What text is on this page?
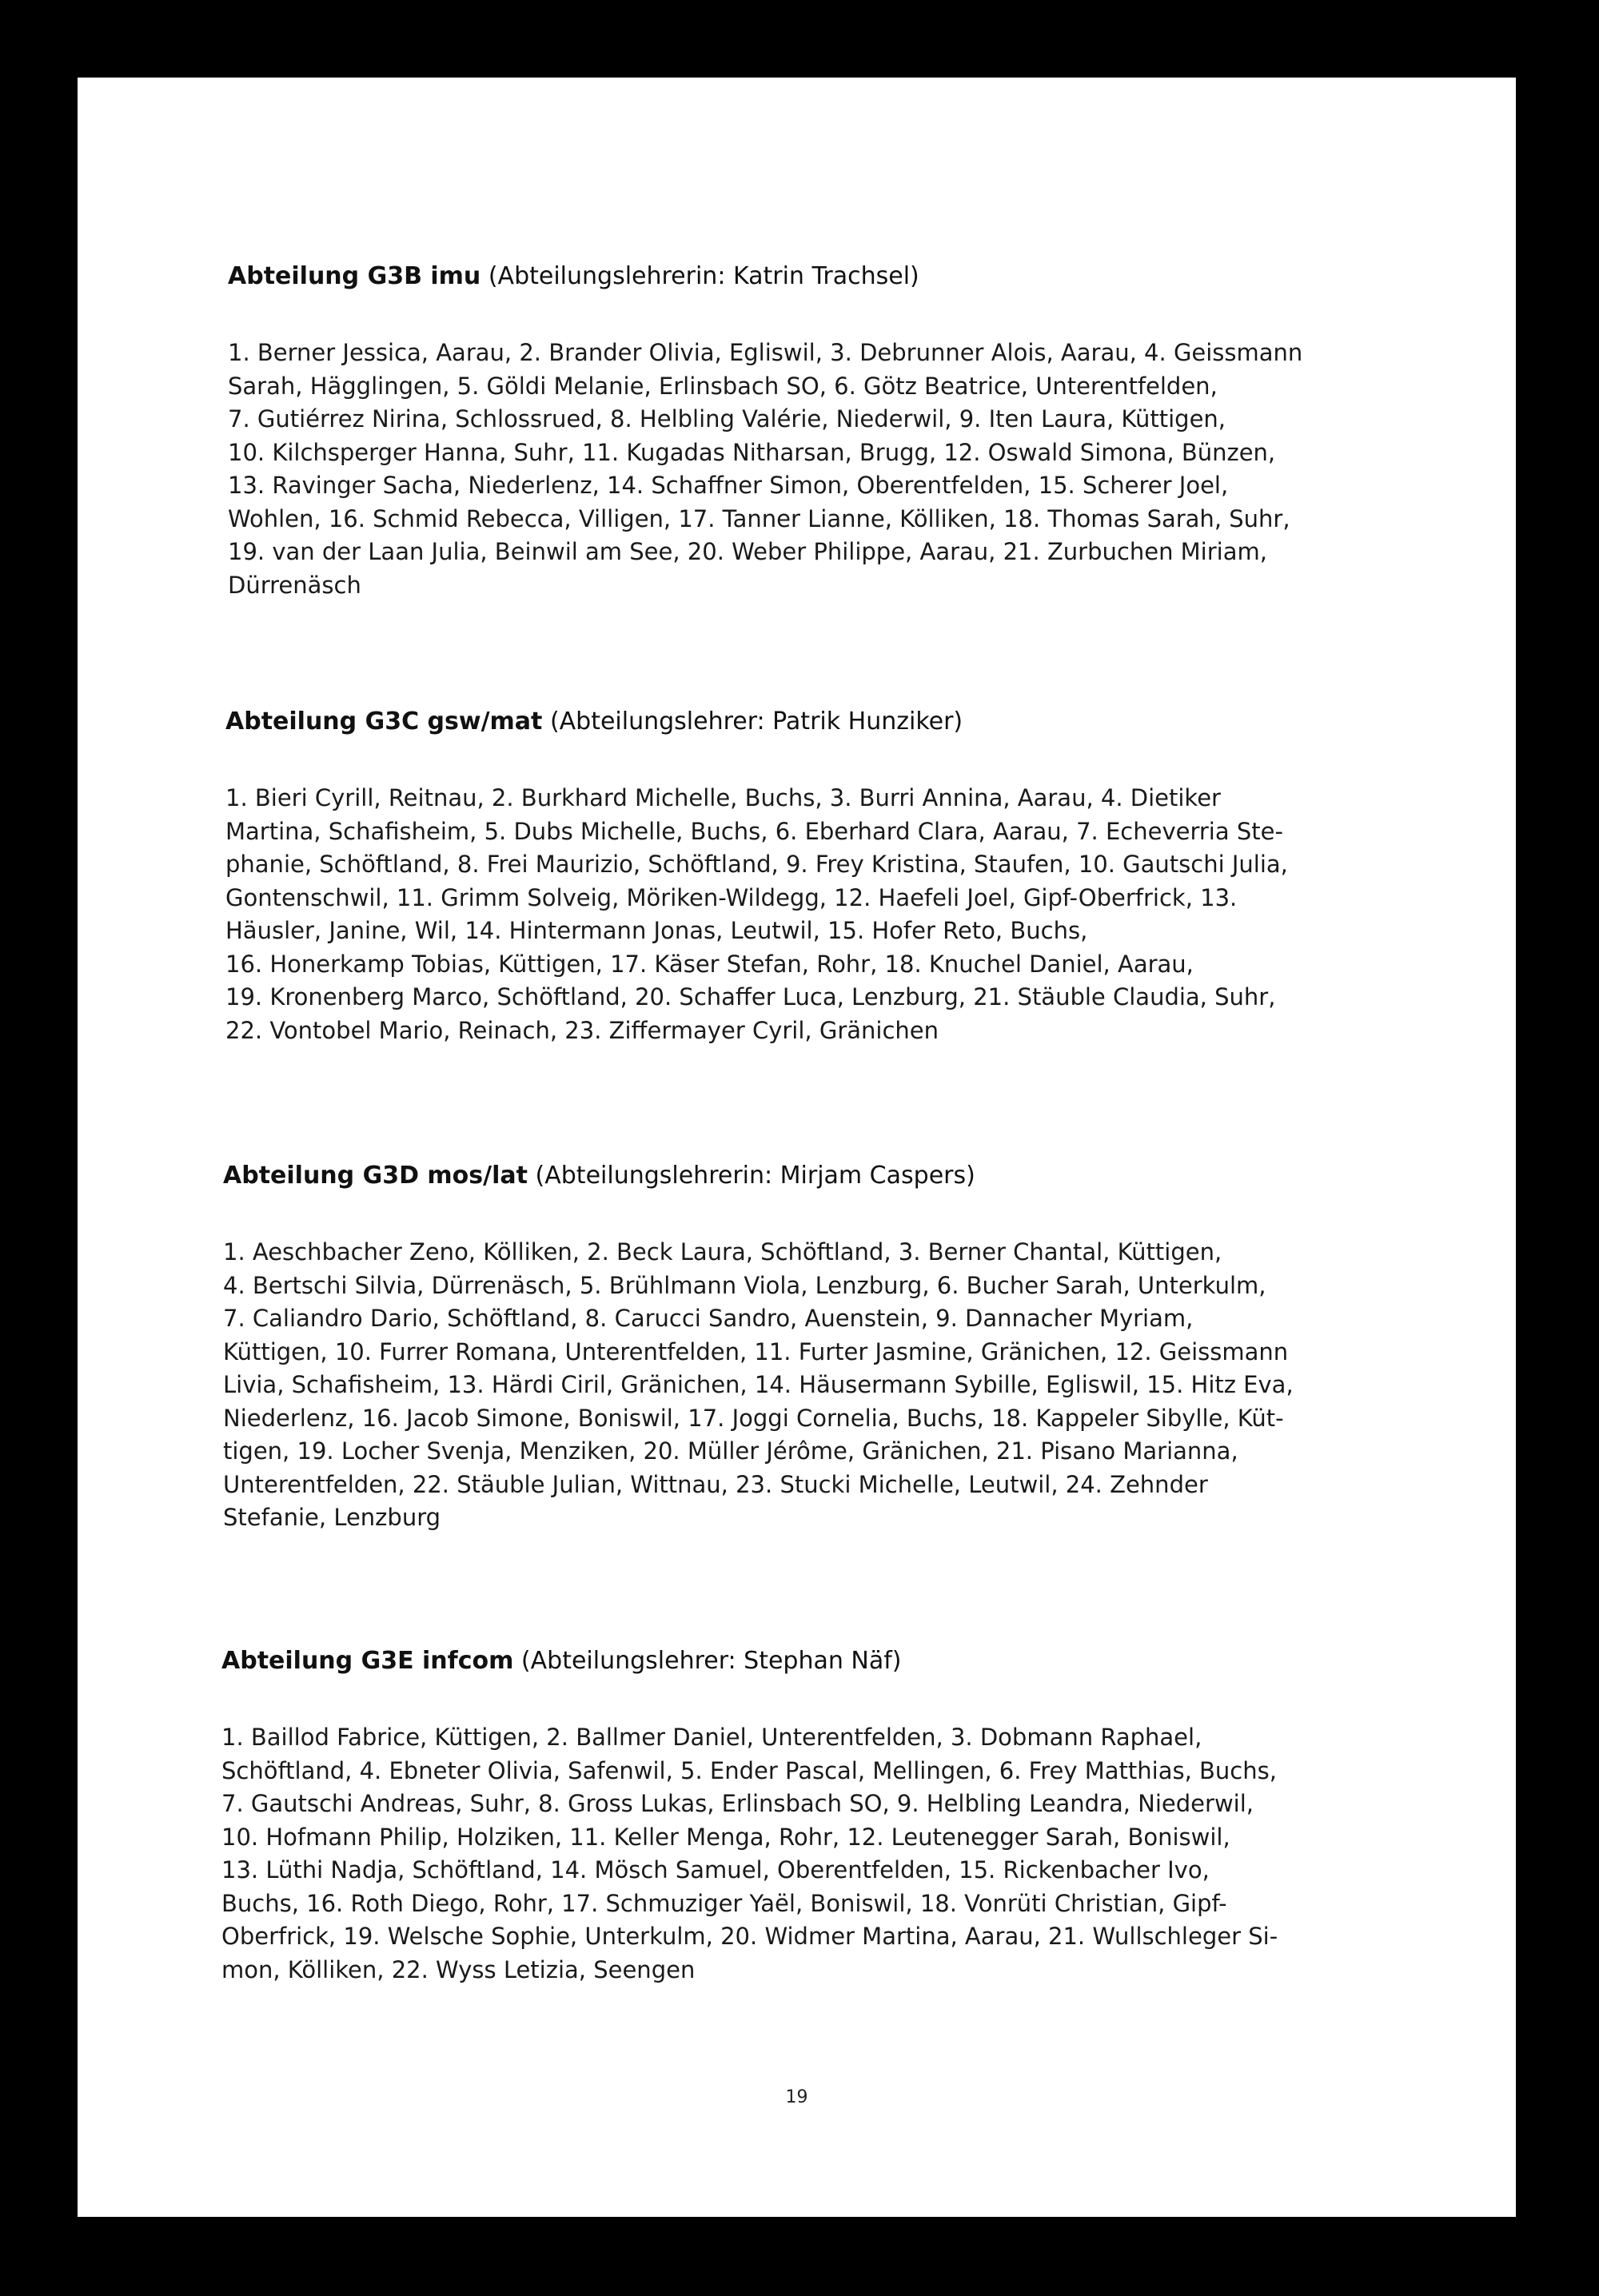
Abteilung G3B imu (Abteilungslehrerin: Katrin Trachsel)

1. Berner Jessica, Aarau, 2. Brander Olivia, Egliswil, 3. Debrunner Alois, Aarau, 4. Geissmann
Sarah, Hägglingen, 5. Göldi Melanie, Erlinsbach SO, 6. Götz Beatrice, Unterentfelden,
7. Gutiérrez Nirina, Schlossrued, 8. Helbling Valérie, Niederwil, 9. Iten Laura, Küttigen,
10. Kilchsperger Hanna, Suhr, 11. Kugadas Nitharsan, Brugg, 12. Oswald Simona, Bünzen,
13. Ravinger Sacha, Niederlenz, 14. Schaffner Simon, Oberentfelden, 15. Scherer Joel,
Wohlen, 16. Schmid Rebecca, Villigen, 17. Tanner Lianne, Kölliken, 18. Thomas Sarah, Suhr,
19. van der Laan Julia, Beinwil am See, 20. Weber Philippe, Aarau, 21. Zurbuchen Miriam,
Dürrenäsch

Abteilung G3C gsw/mat (Abteilungslehrer: Patrik Hunziker)

1. Bieri Cyrill, Reitnau, 2. Burkhard Michelle, Buchs, 3. Burri Annina, Aarau, 4. Dietiker
Martina, Schafisheim, 5. Dubs Michelle, Buchs, 6. Eberhard Clara, Aarau, 7. Echeverria Ste-
phanie, Schöftland, 8. Frei Maurizio, Schöftland, 9. Frey Kristina, Staufen, 10. Gautschi Julia,
Gontenschwil, 11. Grimm Solveig, Möriken-Wildegg, 12. Haefeli Joel, Gipf-Oberfrick, 13.
Häusler, Janine, Wil, 14. Hintermann Jonas, Leutwil, 15. Hofer Reto, Buchs,
16. Honerkamp Tobias, Küttigen, 17. Käser Stefan, Rohr, 18. Knuchel Daniel, Aarau,
19. Kronenberg Marco, Schöftland, 20. Schaffer Luca, Lenzburg, 21. Stäuble Claudia, Suhr,
22. Vontobel Mario, Reinach, 23. Ziffermayer Cyril, Gränichen

Abteilung G3D mos/lat (Abteilungslehrerin: Mirjam Caspers)

1. Aeschbacher Zeno, Kölliken, 2. Beck Laura, Schöftland, 3. Berner Chantal, Küttigen,
4. Bertschi Silvia, Dürrenäsch, 5. Brühlmann Viola, Lenzburg, 6. Bucher Sarah, Unterkulm,
7. Caliandro Dario, Schöftland, 8. Carucci Sandro, Auenstein, 9. Dannacher Myriam,
Küttigen, 10. Furrer Romana, Unterentfelden, 11. Furter Jasmine, Gränichen, 12. Geissmann
Livia, Schafisheim, 13. Härdi Ciril, Gränichen, 14. Häusermann Sybille, Egliswil, 15. Hitz Eva,
Niederlenz, 16. Jacob Simone, Boniswil, 17. Joggi Cornelia, Buchs, 18. Kappeler Sibylle, Küt-
tigen, 19. Locher Svenja, Menziken, 20. Müller Jérôme, Gränichen, 21. Pisano Marianna,
Unterentfelden, 22. Stäuble Julian, Wittnau, 23. Stucki Michelle, Leutwil, 24. Zehnder
Stefanie, Lenzburg

Abteilung G3E infcom (Abteilungslehrer: Stephan Näf)

1. Baillod Fabrice, Küttigen, 2. Ballmer Daniel, Unterentfelden, 3. Dobmann Raphael,
Schöftland, 4. Ebneter Olivia, Safenwil, 5. Ender Pascal, Mellingen, 6. Frey Matthias, Buchs,
7. Gautschi Andreas, Suhr, 8. Gross Lukas, Erlinsbach SO, 9. Helbling Leandra, Niederwil,
10. Hofmann Philip, Holziken, 11. Keller Menga, Rohr, 12. Leutenegger Sarah, Boniswil,
13. Lüthi Nadja, Schöftland, 14. Mösch Samuel, Oberentfelden, 15. Rickenbacher Ivo,
Buchs, 16. Roth Diego, Rohr, 17. Schmuziger Yaël, Boniswil, 18. Vonrüti Christian, Gipf-
Oberfrick, 19. Welsche Sophie, Unterkulm, 20. Widmer Martina, Aarau, 21. Wullschleger Si-
mon, Kölliken, 22. Wyss Letizia, Seengen

19
